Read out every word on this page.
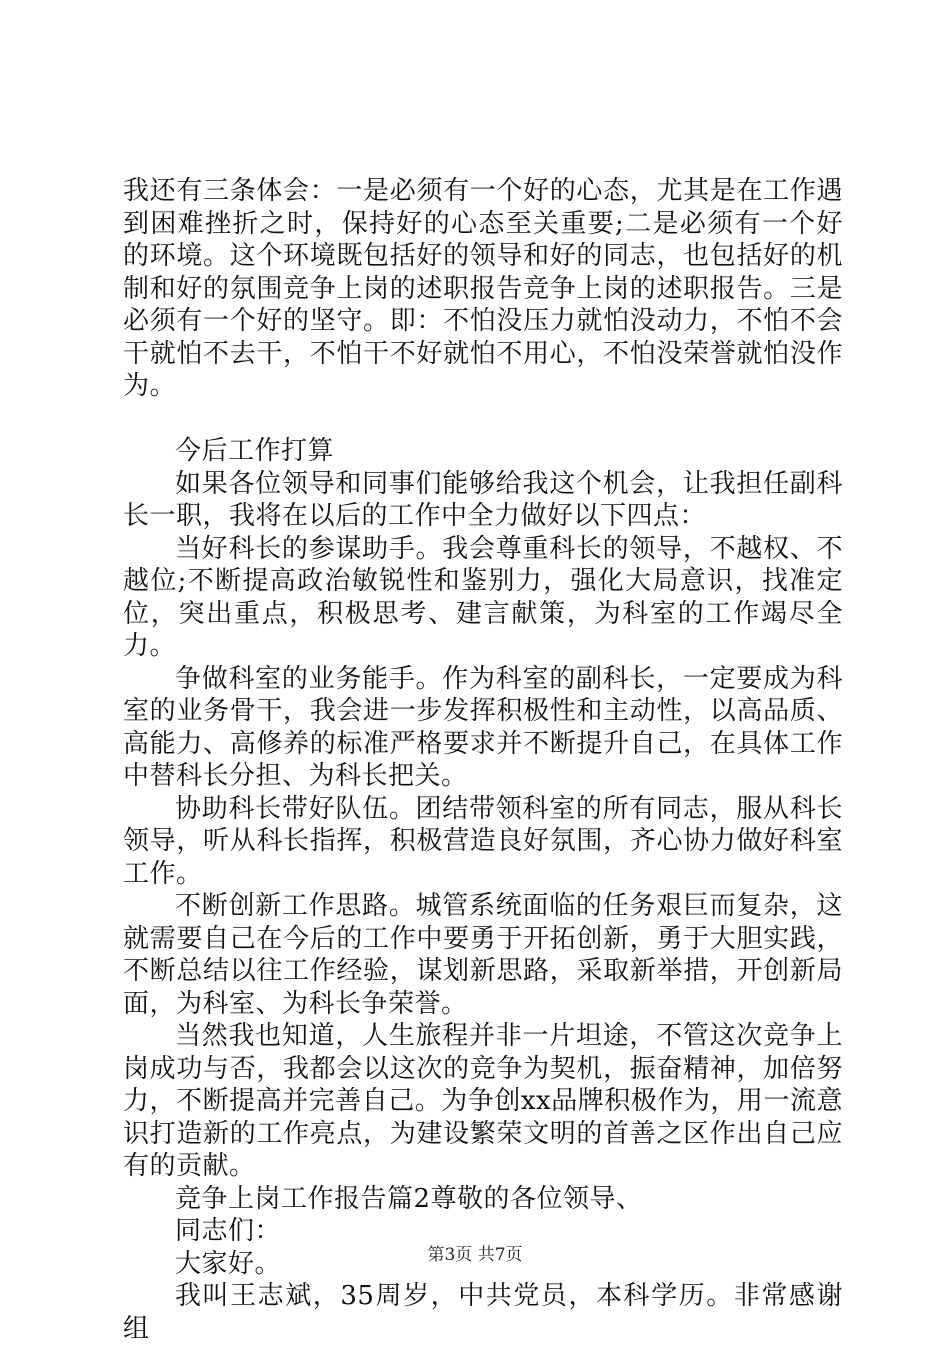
我还有三条体会：一是必须有一个好的心态，尤其是在工作遇到困难挫折之时，保持好的心态至关重要;二是必须有一个好的环境。这个环境既包括好的领导和好的同志，也包括好的机制和好的氛围竞争上岗的述职报告竞争上岗的述职报告。三是必须有一个好的坚守。即：不怕没压力就怕没动力，不怕不会干就怕不去干，不怕干不好就怕不用心，不怕没荣誉就怕没作为。

今后工作打算

如果各位领导和同事们能够给我这个机会，让我担任副科长一职，我将在以后的工作中全力做好以下四点：

当好科长的参谋助手。我会尊重科长的领导，不越权、不越位;不断提高政治敏锐性和鉴别力，强化大局意识，找准定位，突出重点，积极思考、建言献策，为科室的工作竭尽全力。

争做科室的业务能手。作为科室的副科长，一定要成为科室的业务骨干，我会进一步发挥积极性和主动性，以高品质、高能力、高修养的标准严格要求并不断提升自己，在具体工作中替科长分担、为科长把关。

协助科长带好队伍。团结带领科室的所有同志，服从科长领导，听从科长指挥，积极营造良好氛围，齐心协力做好科室工作。

不断创新工作思路。城管系统面临的任务艰巨而复杂，这就需要自己在今后的工作中要勇于开拓创新，勇于大胆实践，不断总结以往工作经验，谋划新思路，采取新举措，开创新局面，为科室、为科长争荣誉。

当然我也知道，人生旅程并非一片坦途，不管这次竞争上岗成功与否，我都会以这次的竞争为契机，振奋精神，加倍努力，不断提高并完善自己。为争创xx品牌积极作为，用一流意识打造新的工作亮点，为建设繁荣文明的首善之区作出自己应有的贡献。

竞争上岗工作报告篇2尊敬的各位领导、

同志们：

大家好。

我叫王志斌，35周岁，中共党员，本科学历。非常感谢组

第3页 共7页
